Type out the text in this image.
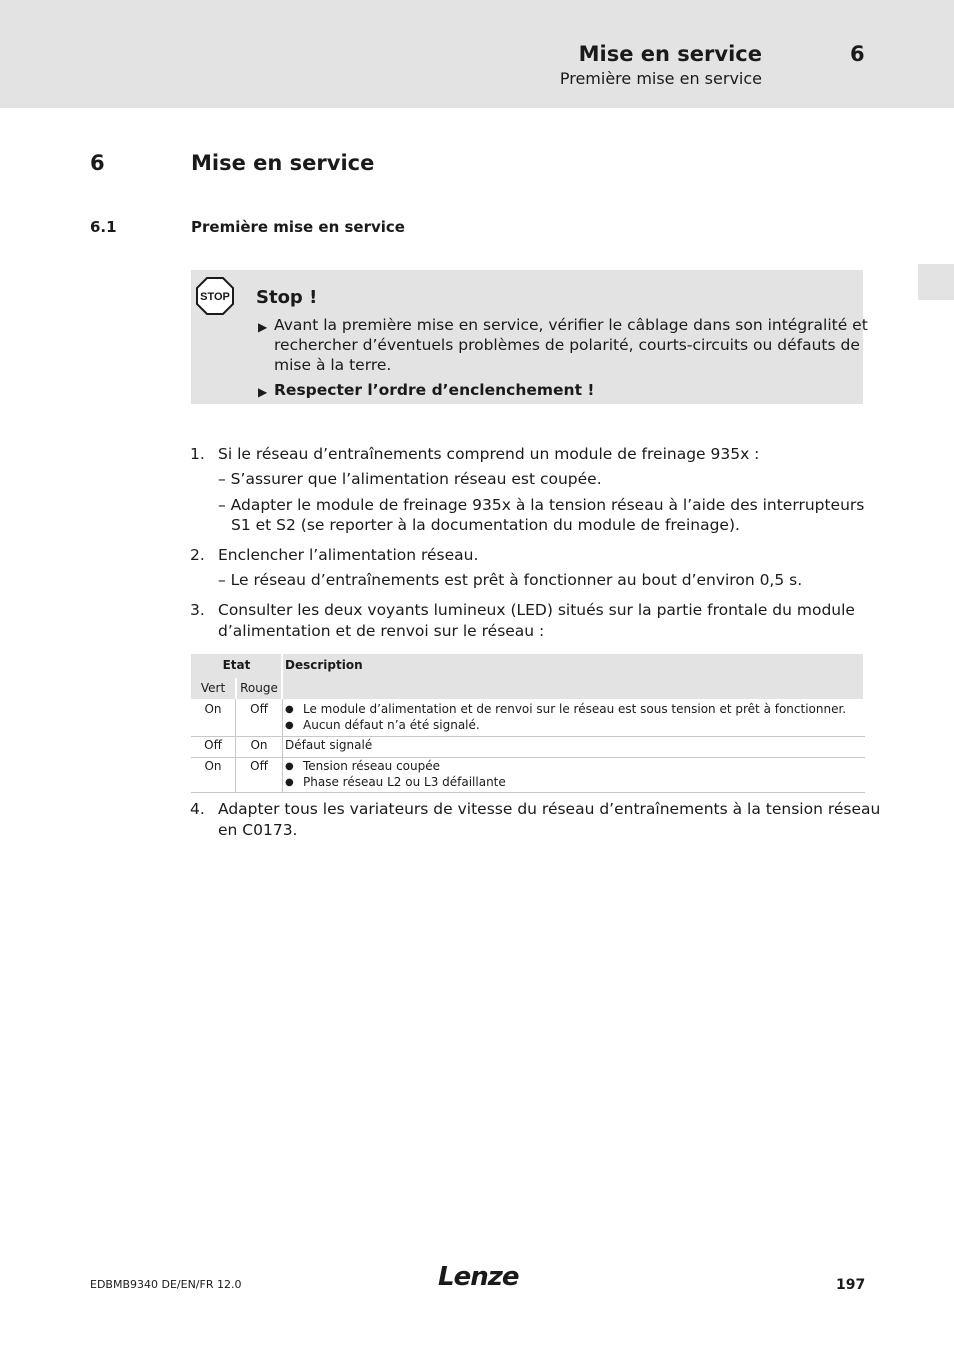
Mise en service	6
Première mise en service
6	Mise en service
6.1	Première mise en service
STOP Stop !
▶ Avant la première mise en service, vérifier le câblage dans son intégralité et
rechercher d’éventuels problèmes de polarité, courts-circuits ou défauts de
mise à la terre.
▶ Respecter l’ordre d’enclenchement !
1. Si le réseau d’entraînements comprend un module de freinage 935x :
– S’assurer que l’alimentation réseau est coupée.
– Adapter le module de freinage 935x à la tension réseau à l’aide des interrupteurs
S1 et S2 (se reporter à la documentation du module de freinage).
2. Enclencher l’alimentation réseau.
– Le réseau d’entraînements est prêt à fonctionner au bout d’environ 0,5 s.
3. Consulter les deux voyants lumineux (LED) situés sur la partie frontale du module
d’alimentation et de renvoi sur le réseau :
Etat	Description
Vert	Rouge
On	Off	● Le module d’alimentation et de renvoi sur le réseau est sous tension et prêt à fonctionner.
● Aucun défaut n’a été signalé.
Off	On	Défaut signalé
On	Off	● Tension réseau coupée
● Phase réseau L2 ou L3 défaillante
4. Adapter tous les variateurs de vitesse du réseau d’entraînements à la tension réseau
en C0173.
EDBMB9340 DE/EN/FR 12.0	Lenze	197
